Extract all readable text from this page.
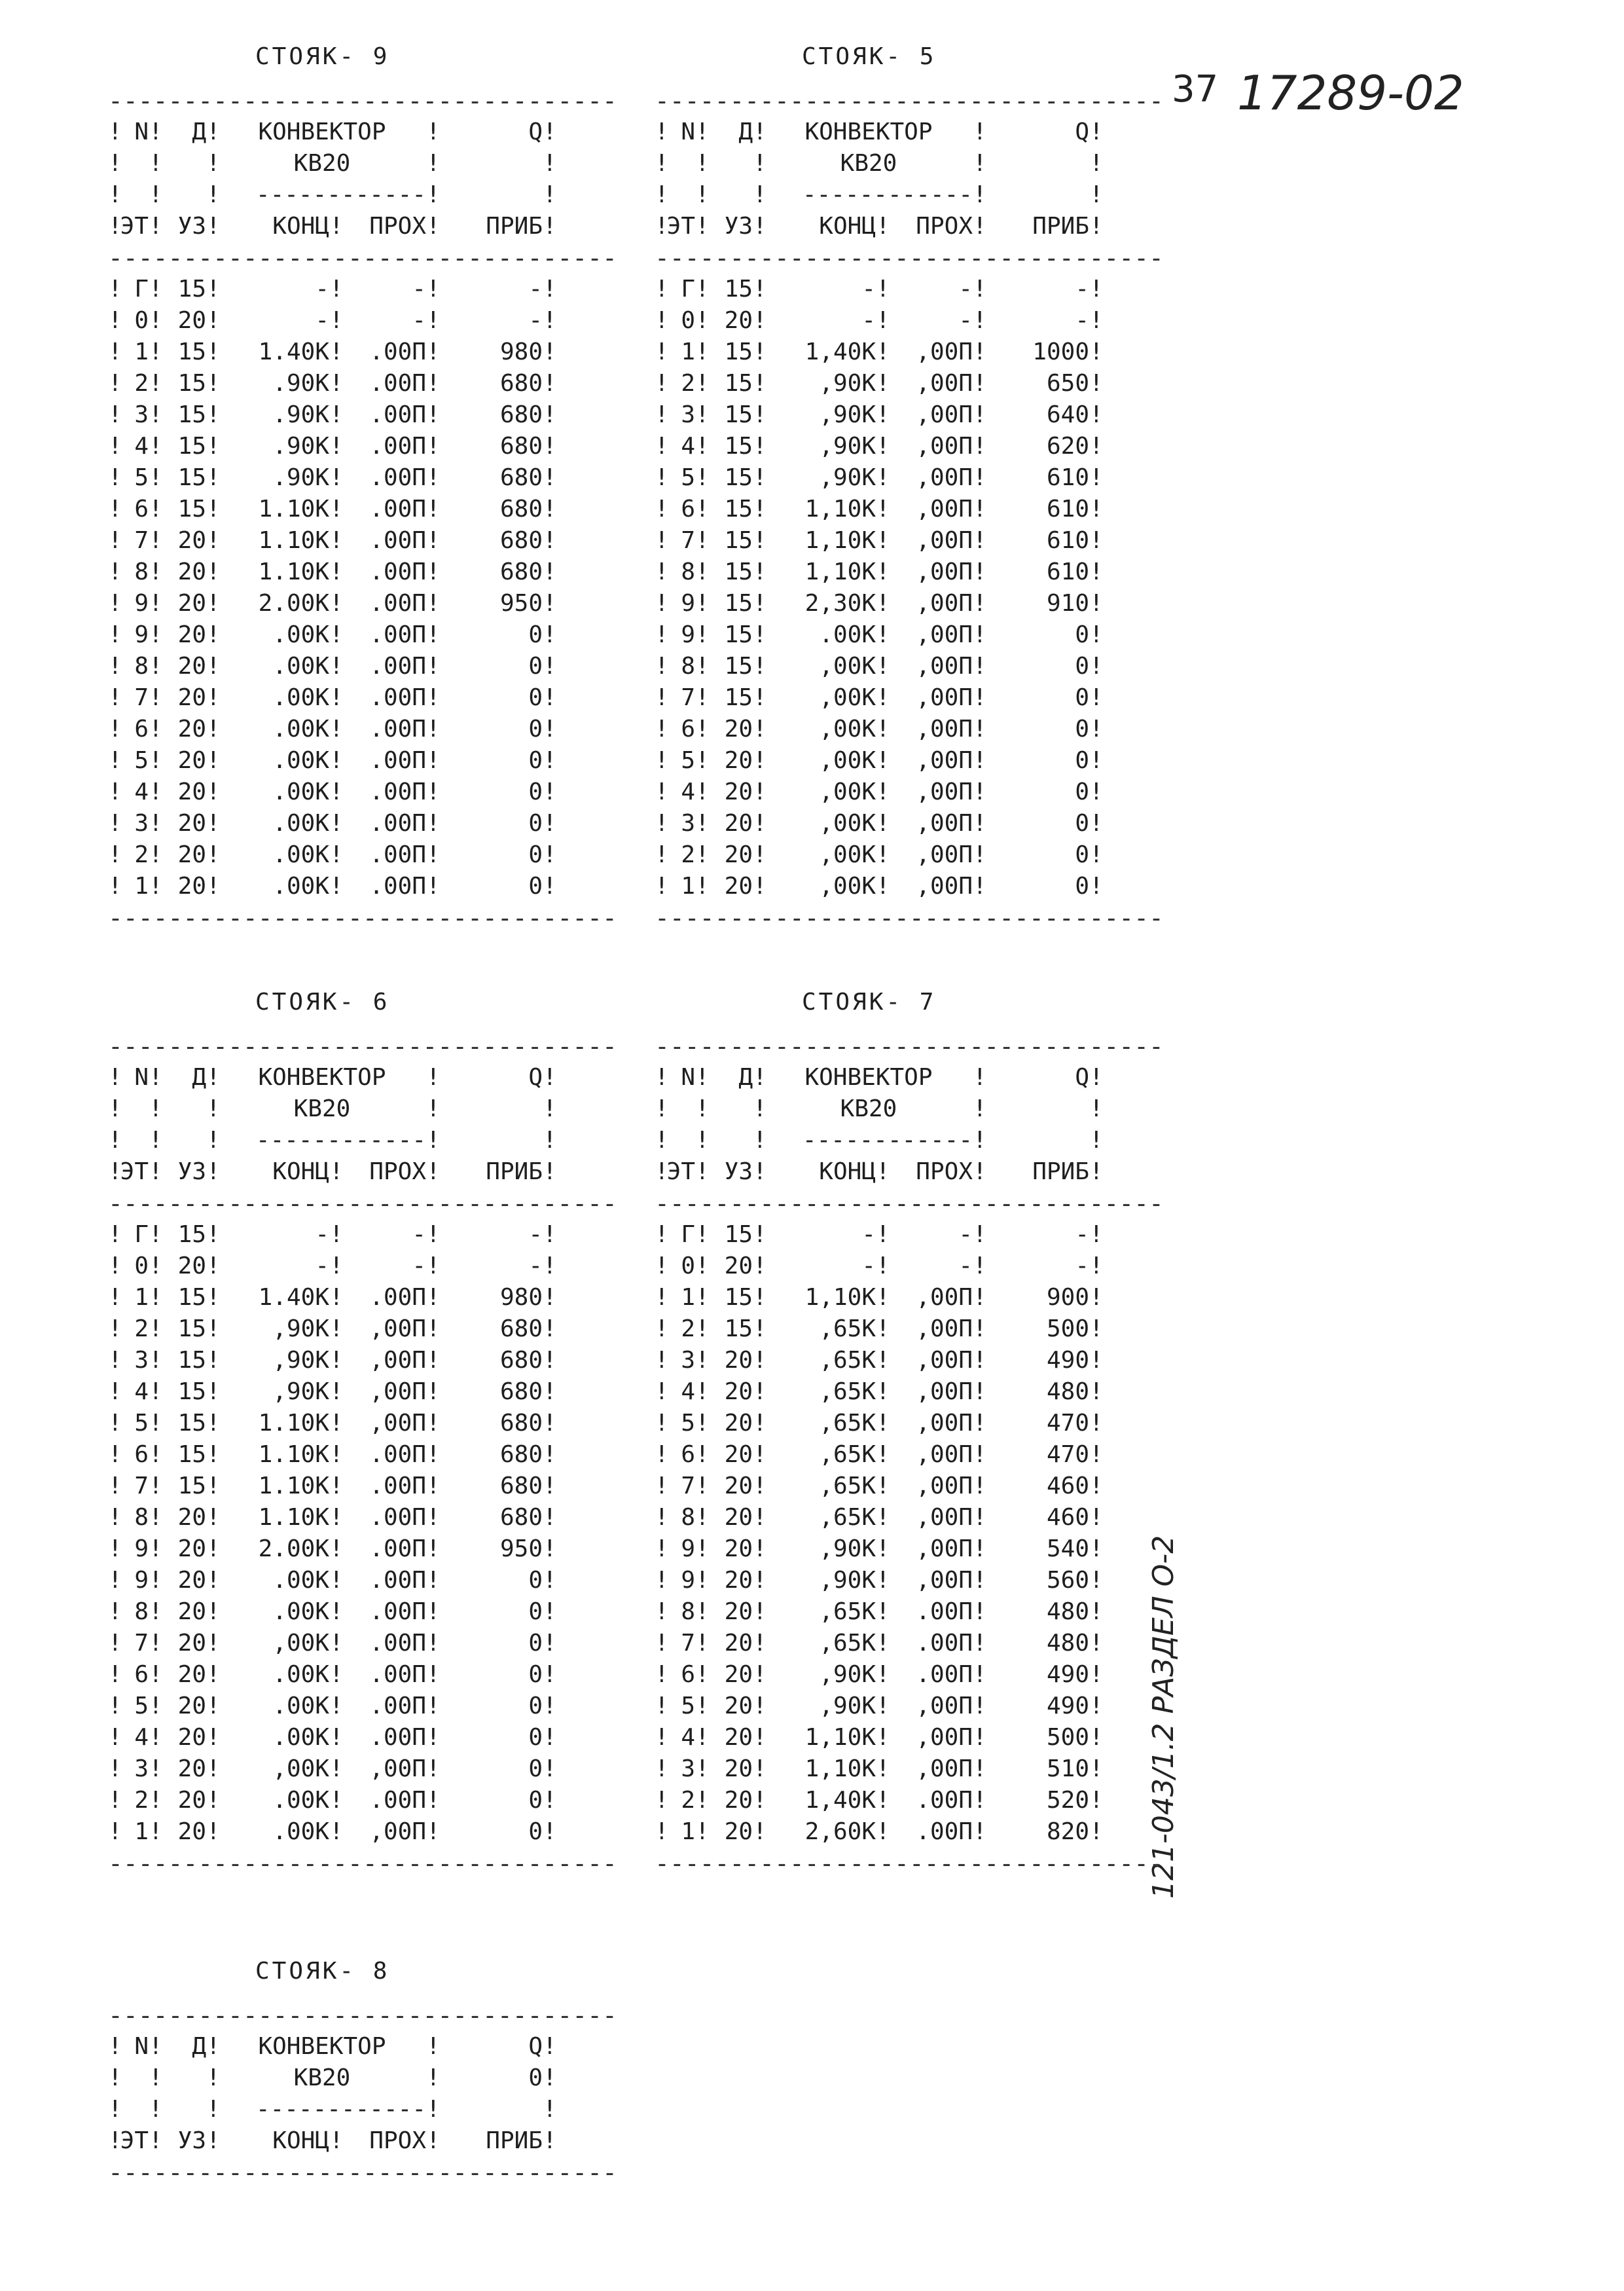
37 17289-02
121-043/1.2 РАЗДЕЛ О-2
СТОЯК- 9
----------------------------------
! N! Д! КОНВЕКТОР !	Q!
! ! !	КВ20	!	!
! ! ! ------------!	!
!ЭТ! УЗ! КОНЦ! ПРОХ! ПРИБ!
----------------------------------
! Г! 15!	-!	-!	-!
! 0! 20!	-!	-!	-!
! 1! 15! 1.40К! .00П!	980!
! 2! 15! .90К! .00П!	680!
! 3! 15! .90К! .00П!	680!
! 4! 15! .90К! .00П!	680!
! 5! 15! .90К! .00П!	680!
! 6! 15! 1.10К! .00П!	680!
! 7! 20! 1.10К! .00П!	680!
! 8! 20! 1.10К! .00П!	680!
! 9! 20! 2.00К! .00П!	950!
! 9! 20! .00К! .00П!	0!
! 8! 20! .00К! .00П!	0!
! 7! 20! .00К! .00П!	0!
! 6! 20! .00К! .00П!	0!
! 5! 20! .00К! .00П!	0!
! 4! 20! .00К! .00П!	0!
! 3! 20! .00К! .00П!	0!
! 2! 20! .00К! .00П!	0!
! 1! 20! .00К! .00П!	0!
----------------------------------
СТОЯК- 5
----------------------------------
! N! Д! КОНВЕКТОР !	Q!
! ! !	КВ20	!	!
! ! ! ------------!	!
!ЭТ! УЗ! КОНЦ! ПРОХ! ПРИБ!
----------------------------------
! Г! 15!	-!	-!	-!
! 0! 20!	-!	-!	-!
! 1! 15! 1,40К! ,00П! 1000!
! 2! 15! ,90К! ,00П!	650!
! 3! 15! ,90К! ,00П!	640!
! 4! 15! ,90К! ,00П!	620!
! 5! 15! ,90К! ,00П!	610!
! 6! 15! 1,10К! ,00П!	610!
! 7! 15! 1,10К! ,00П!	610!
! 8! 15! 1,10К! ,00П!	610!
! 9! 15! 2,30К! ,00П!	910!
! 9! 15! .00К! ,00П!	0!
! 8! 15! ,00К! ,00П!	0!
! 7! 15! ,00К! ,00П!	0!
! 6! 20! ,00К! ,00П!	0!
! 5! 20! ,00К! ,00П!	0!
! 4! 20! ,00К! ,00П!	0!
! 3! 20! ,00К! ,00П!	0!
! 2! 20! ,00К! ,00П!	0!
! 1! 20! ,00К! ,00П!	0!
----------------------------------
СТОЯК- 6
----------------------------------
! N! Д! КОНВЕКТОР !	Q!
! ! !	КВ20	!	!
! ! ! ------------!	!
!ЭТ! УЗ! КОНЦ! ПРОХ! ПРИБ!
----------------------------------
! Г! 15!	-!	-!	-!
! 0! 20!	-!	-!	-!
! 1! 15! 1.40К! .00П!	980!
! 2! 15! ,90К! ,00П!	680!
! 3! 15! ,90К! ,00П!	680!
! 4! 15! ,90К! ,00П!	680!
! 5! 15! 1.10К! ,00П!	680!
! 6! 15! 1.10К! .00П!	680!
! 7! 15! 1.10К! .00П!	680!
! 8! 20! 1.10К! .00П!	680!
! 9! 20! 2.00К! .00П!	950!
! 9! 20! .00К! .00П!	0!
! 8! 20! .00К! .00П!	0!
! 7! 20! ,00К! .00П!	0!
! 6! 20! .00К! .00П!	0!
! 5! 20! .00К! .00П!	0!
! 4! 20! .00К! .00П!	0!
! 3! 20! ,00К! ,00П!	0!
! 2! 20! .00К! .00П!	0!
! 1! 20! .00К! ,00П!	0!
----------------------------------
СТОЯК- 7
----------------------------------
! N! Д! КОНВЕКТОР !	Q!
! ! !	КВ20	!	!
! ! ! ------------!	!
!ЭТ! УЗ! КОНЦ! ПРОХ! ПРИБ!
----------------------------------
! Г! 15!	-!	-!	-!
! 0! 20!	-!	-!	-!
! 1! 15! 1,10К! ,00П!	900!
! 2! 15! ,65К! ,00П!	500!
! 3! 20! ,65К! ,00П!	490!
! 4! 20! ,65К! ,00П!	480!
! 5! 20! ,65К! ,00П!	470!
! 6! 20! ,65К! ,00П!	470!
! 7! 20! ,65К! ,00П!	460!
! 8! 20! ,65К! ,00П!	460!
! 9! 20! ,90К! ,00П!	540!
! 9! 20! ,90К! ,00П!	560!
! 8! 20! ,65К! .00П!	480!
! 7! 20! ,65К! .00П!	480!
! 6! 20! ,90К! .00П!	490!
! 5! 20! ,90К! ,00П!	490!
! 4! 20! 1,10К! ,00П!	500!
! 3! 20! 1,10К! ,00П!	510!
! 2! 20! 1,40К! .00П!	520!
! 1! 20! 2,60К! .00П!	820!
----------------------------------
СТОЯК- 8
----------------------------------
! N! Д! КОНВЕКТОР !	Q!
! ! !	КВ20	!	0!
! ! ! ------------!	!
!ЭТ! УЗ! КОНЦ! ПРОХ! ПРИБ!
----------------------------------
